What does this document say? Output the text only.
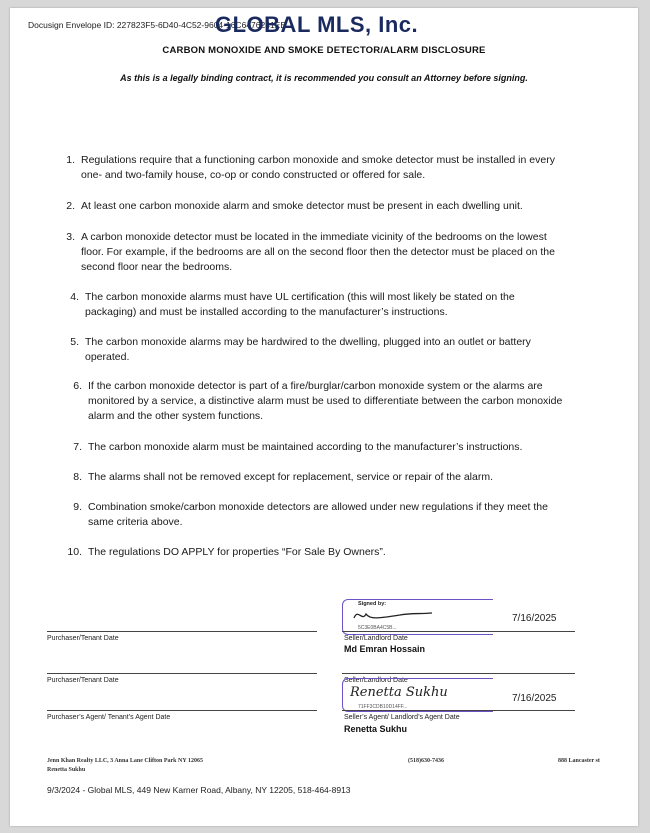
Docusign Envelope ID: 227823F5-6D40-4C52-9604-16C6476241EE
GLOBAL MLS, Inc.
CARBON MONOXIDE AND SMOKE DETECTOR/ALARM DISCLOSURE
As this is a legally binding contract, it is recommended you consult an Attorney before signing.
1. Regulations require that a functioning carbon monoxide and smoke detector must be installed in every one- and two-family house, co-op or condo constructed or offered for sale.
2. At least one carbon monoxide alarm and smoke detector must be present in each dwelling unit.
3. A carbon monoxide detector must be located in the immediate vicinity of the bedrooms on the lowest floor. For example, if the bedrooms are all on the second floor then the detector must be placed on the second floor near the bedrooms.
4. The carbon monoxide alarms must have UL certification (this will most likely be stated on the packaging) and must be installed according to the manufacturer’s instructions.
5. The carbon monoxide alarms may be hardwired to the dwelling, plugged into an outlet or battery operated.
6. If the carbon monoxide detector is part of a fire/burglar/carbon monoxide system or the alarms are monitored by a service, a distinctive alarm must be used to differentiate between the carbon monoxide alarm and the other system functions.
7. The carbon monoxide alarm must be maintained according to the manufacturer’s instructions.
8. The alarms shall not be removed except for replacement, service or repair of the alarm.
9. Combination smoke/carbon monoxide detectors are allowed under new regulations if they meet the same criteria above.
10. The regulations DO APPLY for properties “For Sale By Owners”.
Purchaser/Tenant Date
Signed by:
5C3E0BA4C5B...
7/16/2025
Seller/Landlord Date
Md Emran Hossain
Purchaser/Tenant Date	Seller/Landlord Date
Renetta Sukhu
71FF3CDB10D14FF...
7/16/2025
Purchaser’s Agent/ Tenant’s Agent Date	Seller’s Agent/ Landlord’s Agent Date
Renetta Sukhu
Jenn Khan Realty LLC, 3 Anna Lane Clifton Park NY 12065
Renetta Sukhu
(518)630-7436	888 Lancaster st
9/3/2024 - Global MLS, 449 New Karner Road, Albany, NY 12205, 518-464-8913
